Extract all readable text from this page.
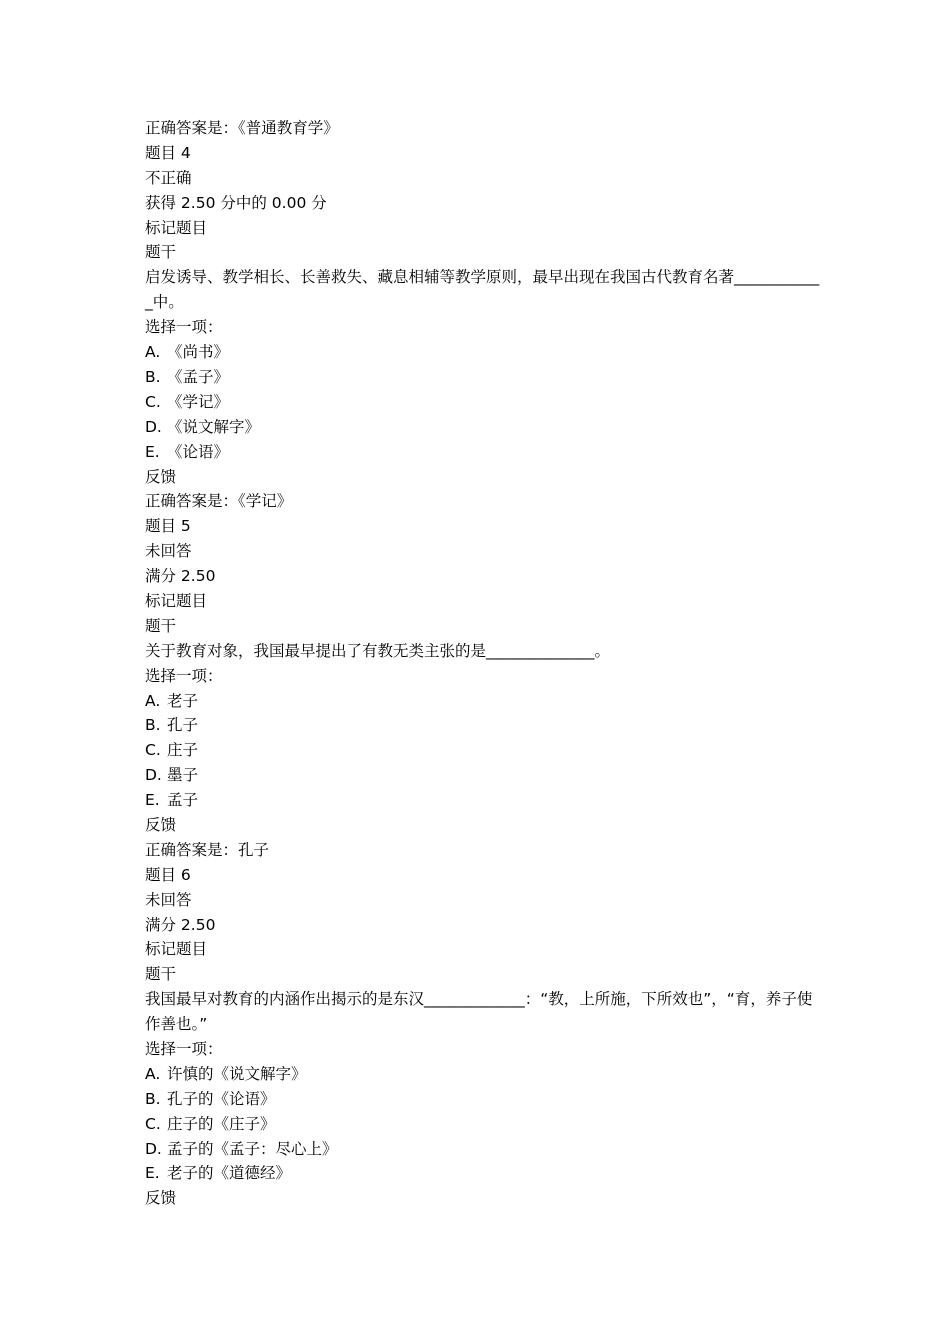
正确答案是：《普通教育学》
题目 4
不正确
获得 2.50 分中的 0.00 分
标记题目
题干
启发诱导、教学相长、长善救失、藏息相辅等教学原则，最早出现在我国古代教育名著____________中。
选择一项：
A. 《尚书》
B. 《孟子》
C. 《学记》
D. 《说文解字》
E. 《论语》
反馈
正确答案是：《学记》
题目 5
未回答
满分 2.50
标记题目
题干
关于教育对象，我国最早提出了有教无类主张的是______________。
选择一项：
A. 老子
B. 孔子
C. 庄子
D. 墨子
E. 孟子
反馈
正确答案是：孔子
题目 6
未回答
满分 2.50
标记题目
题干
我国最早对教育的内涵作出揭示的是东汉_____________：“教，上所施，下所效也”，“育，养子使作善也。”
选择一项：
A. 许慎的《说文解字》
B. 孔子的《论语》
C. 庄子的《庄子》
D. 孟子的《孟子：尽心上》
E. 老子的《道德经》
反馈
